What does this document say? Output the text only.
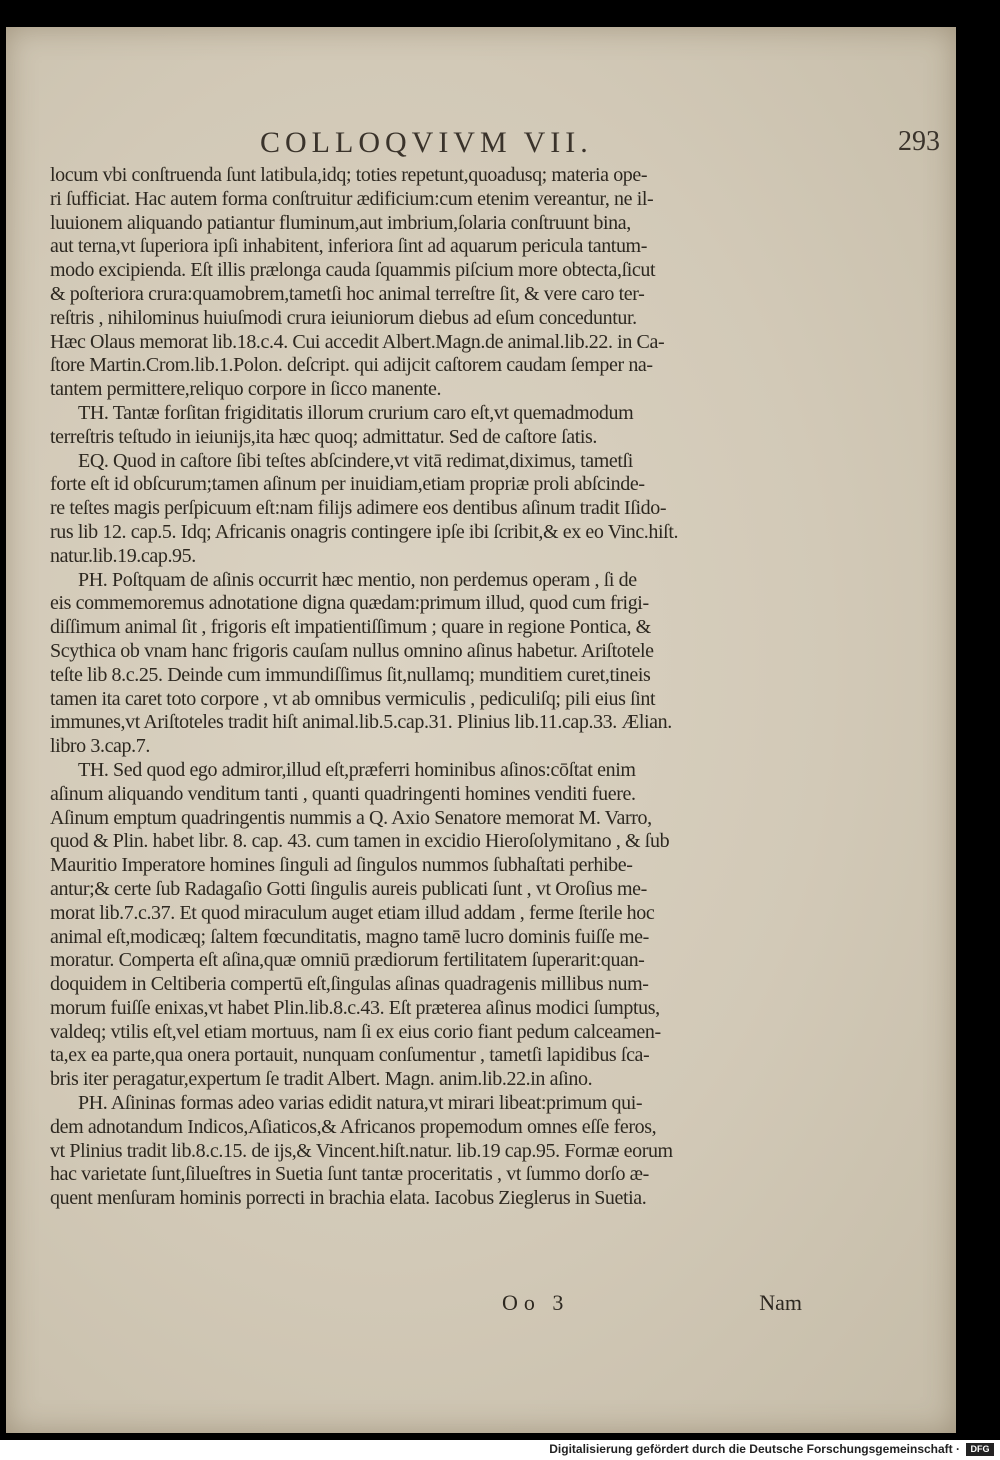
COLLOQVIVM VII.	293
locum vbi conſtruenda ſunt latibula,idq; toties repetunt,quoadusq; materia ope-
ri ſufficiat. Hac autem forma conſtruitur ædificium:cum etenim vereantur, ne il-
luuionem aliquando patiantur fluminum,aut imbrium,ſolaria conſtruunt bina,
aut terna,vt ſuperiora ipſi inhabitent, inferiora ſint ad aquarum pericula tantum-
modo excipienda. Eſt illis prælonga cauda ſquammis piſcium more obtecta,ſicut
& poſteriora crura:quamobrem,tametſi hoc animal terreſtre ſit, & vere caro ter-
reſtris , nihilominus huiuſmodi crura ieiuniorum diebus ad eſum conceduntur.
Hæc Olaus memorat lib.18.c.4. Cui accedit Albert.Magn.de animal.lib.22. in Ca-
ſtore Martin.Crom.lib.1.Polon. deſcript. qui adijcit caſtorem caudam ſemper na-
tantem permittere,reliquo corpore in ſicco manente.
TH. Tantæ forſitan frigiditatis illorum crurium caro eſt,vt quemadmodum
terreſtris teſtudo in ieiunijs,ita hæc quoq; admittatur. Sed de caſtore ſatis.
EQ. Quod in caſtore ſibi teſtes abſcindere,vt vitā redimat,diximus, tametſi
forte eſt id obſcurum;tamen aſinum per inuidiam,etiam propriæ proli abſcinde-
re teſtes magis perſpicuum eſt:nam filijs adimere eos dentibus aſinum tradit Iſido-
rus lib 12. cap.5. Idq; Africanis onagris contingere ipſe ibi ſcribit,& ex eo Vinc.hiſt.
natur.lib.19.cap.95.
PH. Poſtquam de aſinis occurrit hæc mentio, non perdemus operam , ſi de
eis commemoremus adnotatione digna quædam:primum illud, quod cum frigi-
diſſimum animal ſit , frigoris eſt impatientiſſimum ; quare in regione Pontica, &
Scythica ob vnam hanc frigoris cauſam nullus omnino aſinus habetur. Ariſtotele
teſte lib 8.c.25. Deinde cum immundiſſimus ſit,nullamq; munditiem curet,tineis
tamen ita caret toto corpore , vt ab omnibus vermiculis , pediculiſq; pili eius ſint
immunes,vt Ariſtoteles tradit hiſt animal.lib.5.cap.31. Plinius lib.11.cap.33. Ælian.
libro 3.cap.7.
TH. Sed quod ego admiror,illud eſt,præferri hominibus aſinos:cōſtat enim
aſinum aliquando venditum tanti , quanti quadringenti homines venditi fuere.
Aſinum emptum quadringentis nummis a Q. Axio Senatore memorat M. Varro,
quod & Plin. habet libr. 8. cap. 43. cum tamen in excidio Hieroſolymitano , & ſub
Mauritio Imperatore homines ſinguli ad ſingulos nummos ſubhaſtati perhibe-
antur;& certe ſub Radagaſio Gotti ſingulis aureis publicati ſunt , vt Oroſius me-
morat lib.7.c.37. Et quod miraculum auget etiam illud addam , ferme ſterile hoc
animal eſt,modicæq; ſaltem fœcunditatis, magno tamē lucro dominis fuiſſe me-
moratur. Comperta eſt aſina,quæ omniū prædiorum fertilitatem ſuperarit:quan-
doquidem in Celtiberia compertū eſt,ſingulas aſinas quadragenis millibus num-
morum fuiſſe enixas,vt habet Plin.lib.8.c.43. Eſt præterea aſinus modici ſumptus,
valdeq; vtilis eſt,vel etiam mortuus, nam ſi ex eius corio fiant pedum calceamen-
ta,ex ea parte,qua onera portauit, nunquam conſumentur , tametſi lapidibus ſca-
bris iter peragatur,expertum ſe tradit Albert. Magn. anim.lib.22.in aſino.
PH. Aſininas formas adeo varias edidit natura,vt mirari libeat:primum qui-
dem adnotandum Indicos,Aſiaticos,& Africanos propemodum omnes eſſe feros,
vt Plinius tradit lib.8.c.15. de ijs,& Vincent.hiſt.natur. lib.19 cap.95. Formæ eorum
hac varietate ſunt,ſilueſtres in Suetia ſunt tantæ proceritatis , vt ſummo dorſo æ-
quent menſuram hominis porrecti in brachia elata. Iacobus Zieglerus in Suetia.
Oo 3	Nam
Digitalisierung gefördert durch die Deutsche Forschungsgemeinschaft ·	DFG
